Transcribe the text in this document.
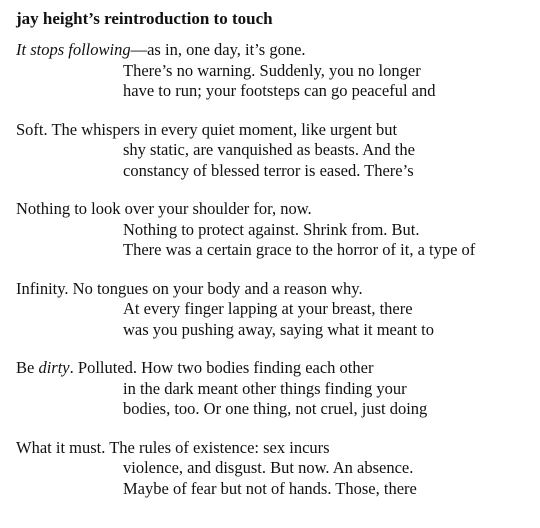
jay height’s reintroduction to touch
It stops following—as in, one day, it’s gone.
There’s no warning. Suddenly, you no longer
have to run; your footsteps can go peaceful and
Soft. The whispers in every quiet moment, like urgent but
shy static, are vanquished as beasts. And the
constancy of blessed terror is eased. There’s
Nothing to look over your shoulder for, now.
Nothing to protect against. Shrink from. But.
There was a certain grace to the horror of it, a type of
Infinity. No tongues on your body and a reason why.
At every finger lapping at your breast, there
was you pushing away, saying what it meant to
Be dirty. Polluted. How two bodies finding each other
in the dark meant other things finding your
bodies, too. Or one thing, not cruel, just doing
What it must. The rules of existence: sex incurs
violence, and disgust. But now. An absence.
Maybe of fear but not of hands. Those, there
